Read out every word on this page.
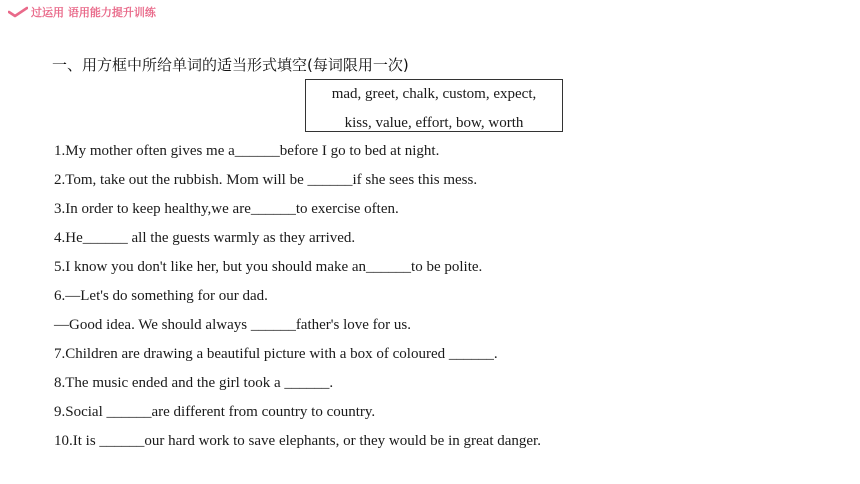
过运用 语用能力提升训练
一、用方框中所给单词的适当形式填空(每词限用一次)
mad, greet, chalk, custom, expect,
kiss, value, effort, bow, worth
1.My mother often gives me a______before I go to bed at night.
2.Tom, take out the rubbish. Mom will be ______if she sees this mess.
3.In order to keep healthy,we are______to exercise often.
4.He______ all the guests warmly as they arrived.
5.I know you don't like her, but you should make an______to be polite.
6.—Let's do something for our dad.
—Good idea. We should always ______father's love for us.
7.Children are drawing a beautiful picture with a box of coloured ______.
8.The music ended and the girl took a ______.
9.Social ______are different from country to country.
10.It is ______our hard work to save elephants, or they would be in great danger.
